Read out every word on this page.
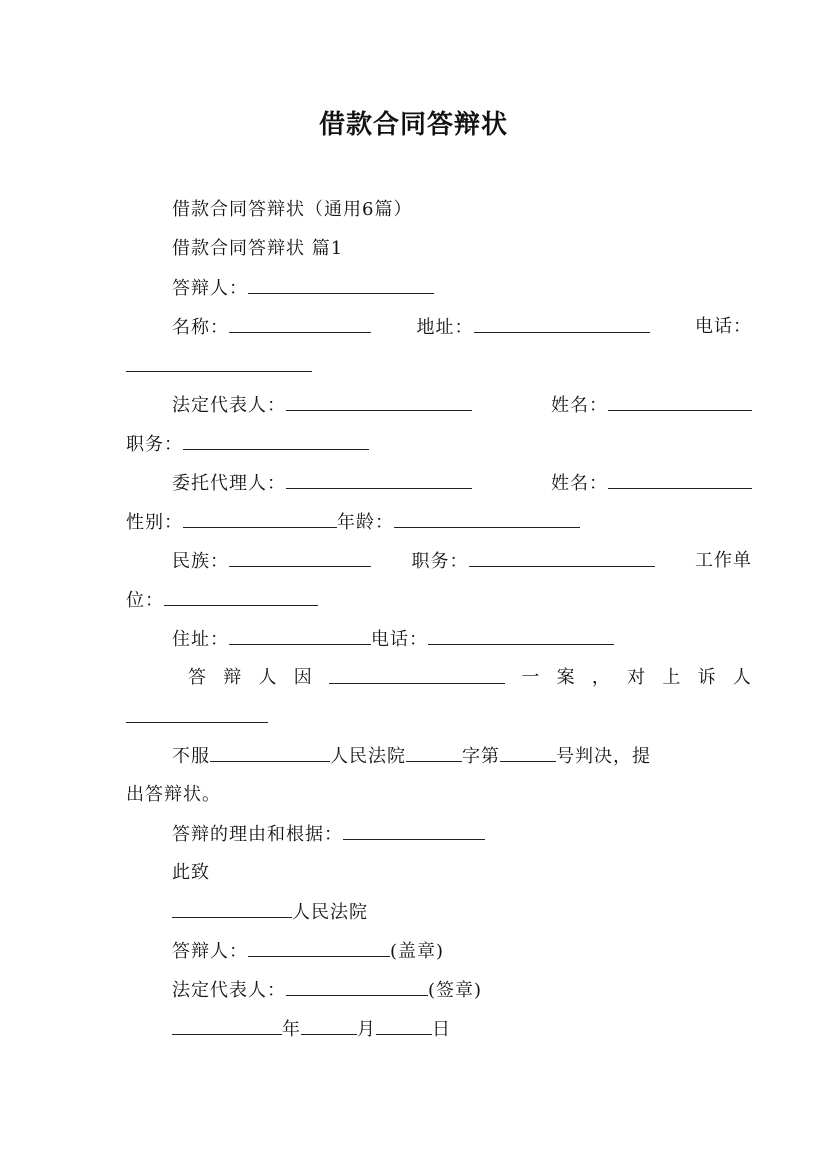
借款合同答辩状
借款合同答辩状（通用6篇）
借款合同答辩状 篇1
答辩人：
名称：	地址：	电话：
法定代表人：	姓名：
职务：
委托代理人：	姓名：
性别：	年龄：
民族：	职务：	工作单
位：
住址：	电话：
答 辩 人 因	一 案 ， 对 上 诉 人
不服	人民法院	字第	号判决，提
出答辩状。
答辩的理由和根据：
此致
人民法院
答辩人：	(盖章)
法定代表人：	(签章)
年	月	日
